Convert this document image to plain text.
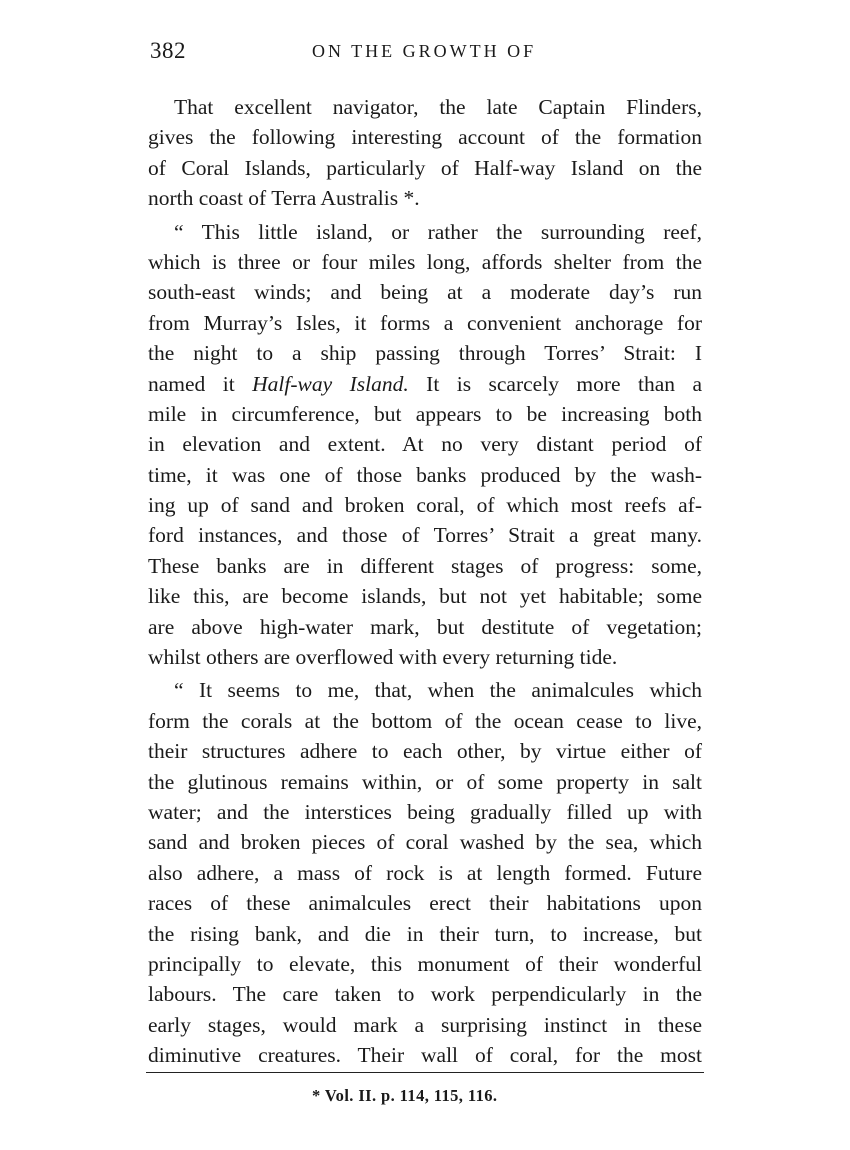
382	ON THE GROWTH OF
That excellent navigator, the late Captain Flinders,
gives the following interesting account of the formation
of Coral Islands, particularly of Half-way Island on the
north coast of Terra Australis *.
“ This little island, or rather the surrounding reef,
which is three or four miles long, affords shelter from the
south-east winds; and being at a moderate day’s run
from Murray’s Isles, it forms a convenient anchorage for
the night to a ship passing through Torres’ Strait: I
named it Half-way Island. It is scarcely more than a
mile in circumference, but appears to be increasing both
in elevation and extent. At no very distant period of
time, it was one of those banks produced by the wash-
ing up of sand and broken coral, of which most reefs af-
ford instances, and those of Torres’ Strait a great many.
These banks are in different stages of progress: some,
like this, are become islands, but not yet habitable; some
are above high-water mark, but destitute of vegetation;
whilst others are overflowed with every returning tide.
“ It seems to me, that, when the animalcules which
form the corals at the bottom of the ocean cease to live,
their structures adhere to each other, by virtue either of
the glutinous remains within, or of some property in salt
water; and the interstices being gradually filled up with
sand and broken pieces of coral washed by the sea, which
also adhere, a mass of rock is at length formed. Future
races of these animalcules erect their habitations upon
the rising bank, and die in their turn, to increase, but
principally to elevate, this monument of their wonderful
labours. The care taken to work perpendicularly in the
early stages, would mark a surprising instinct in these
diminutive creatures. Their wall of coral, for the most
* Vol. II. p. 114, 115, 116.
